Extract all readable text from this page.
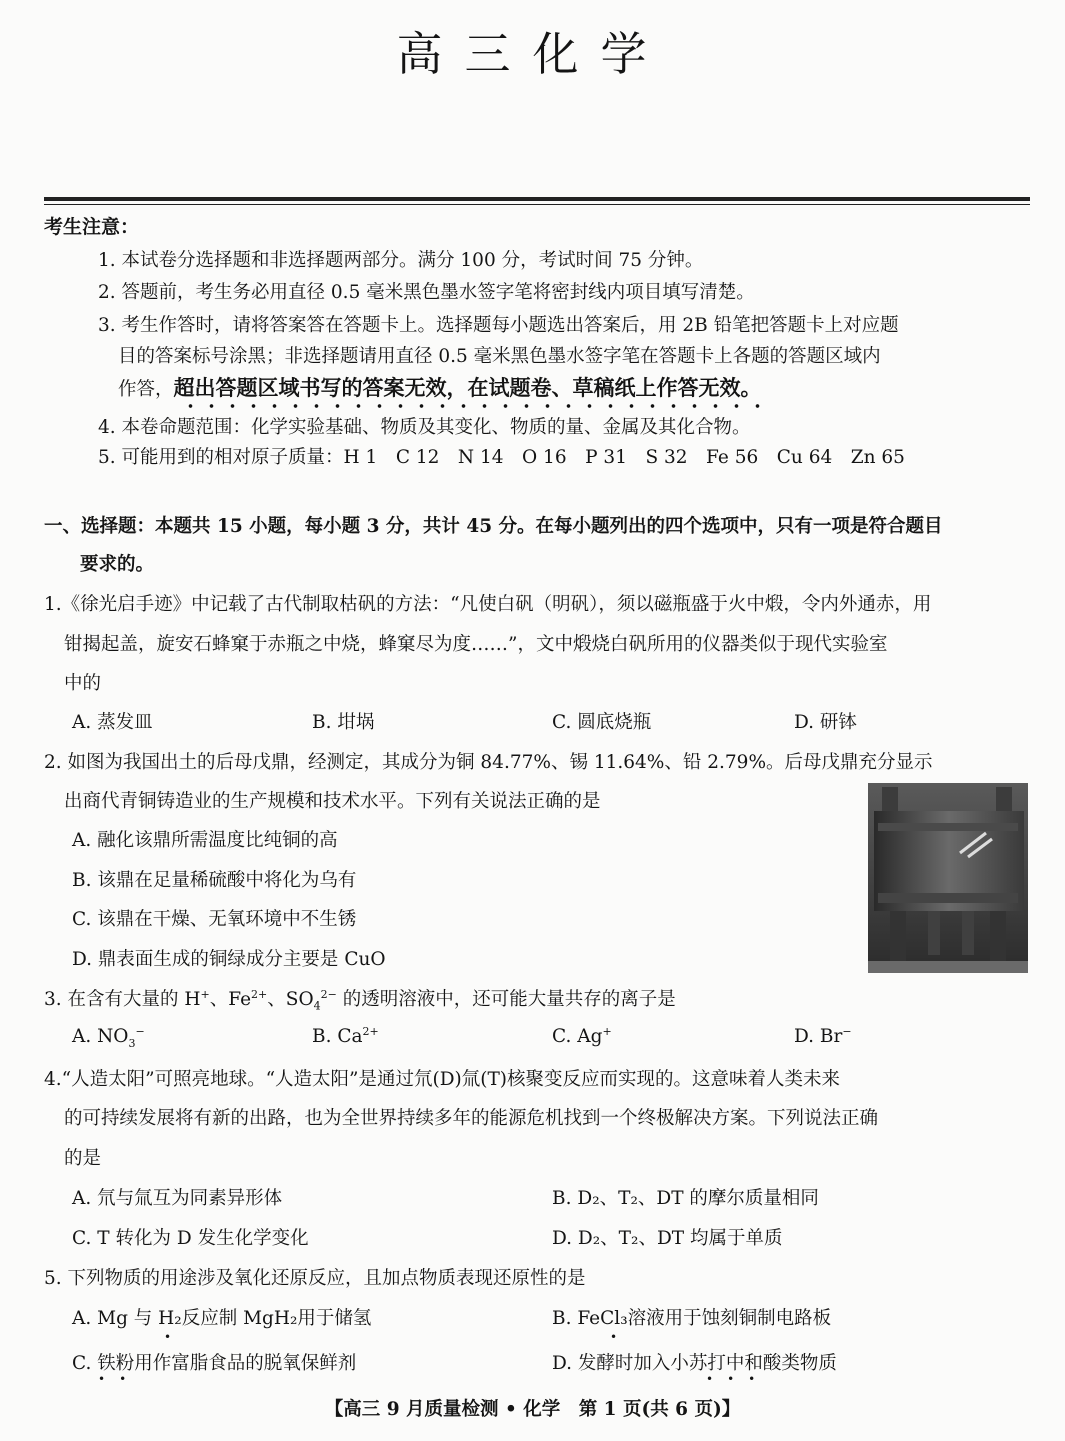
高三化学
考生注意：
1. 本试卷分选择题和非选择题两部分。满分 100 分，考试时间 75 分钟。
2. 答题前，考生务必用直径 0.5 毫米黑色墨水签字笔将密封线内项目填写清楚。
3. 考生作答时，请将答案答在答题卡上。选择题每小题选出答案后，用 2B 铅笔把答题卡上对应题
目的答案标号涂黑；非选择题请用直径 0.5 毫米黑色墨水签字笔在答题卡上各题的答题区域内
作答，超出答题区域书写的答案无效，在试题卷、草稿纸上作答无效。
4. 本卷命题范围：化学实验基础、物质及其变化、物质的量、金属及其化合物。
5. 可能用到的相对原子质量：H 1　C 12　N 14　O 16　P 31　S 32　Fe 56　Cu 64　Zn 65
一、选择题：本题共 15 小题，每小题 3 分，共计 45 分。在每小题列出的四个选项中，只有一项是符合题目
要求的。
1.《徐光启手迹》中记载了古代制取枯矾的方法：“凡使白矾（明矾），须以磁瓶盛于火中煅，令内外通赤，用
钳揭起盖，旋安石蜂窠于赤瓶之中烧，蜂窠尽为度……”，文中煅烧白矾所用的仪器类似于现代实验室
中的
A. 蒸发皿	B. 坩埚	C. 圆底烧瓶	D. 研钵
2. 如图为我国出土的后母戊鼎，经测定，其成分为铜 84.77%、锡 11.64%、铅 2.79%。后母戊鼎充分显示
出商代青铜铸造业的生产规模和技术水平。下列有关说法正确的是
A. 融化该鼎所需温度比纯铜的高
B. 该鼎在足量稀硫酸中将化为乌有
C. 该鼎在干燥、无氧环境中不生锈
D. 鼎表面生成的铜绿成分主要是 CuO
3. 在含有大量的 H+、$Fe^{2+}$、$SO_4^{2-}$ 的透明溶液中，还可能大量共存的离子是
A. $NO_3^-$	B. $Ca^{2+}$	C. Ag+	D. Br−
4.“人造太阳”可照亮地球。“人造太阳”是通过氘(D)氚(T)核聚变反应而实现的。这意味着人类未来
的可持续发展将有新的出路，也为全世界持续多年的能源危机找到一个终极解决方案。下列说法正确
的是
A. 氘与氚互为同素异形体	B. D₂、T₂、DT 的摩尔质量相同
C. T 转化为 D 发生化学变化	D. D₂、T₂、DT 均属于单质
5. 下列物质的用途涉及氧化还原反应，且加点物质表现还原性的是
A. Mg 与 H₂反应制 MgH₂用于储氢	B. FeCl₃溶液用于蚀刻铜制电路板
C. 铁粉用作富脂食品的脱氧保鲜剂	D. 发酵时加入小苏打中和酸类物质
•	•
••	•••
【高三 9 月质量检测 • 化学　第 1 页(共 6 页)】
